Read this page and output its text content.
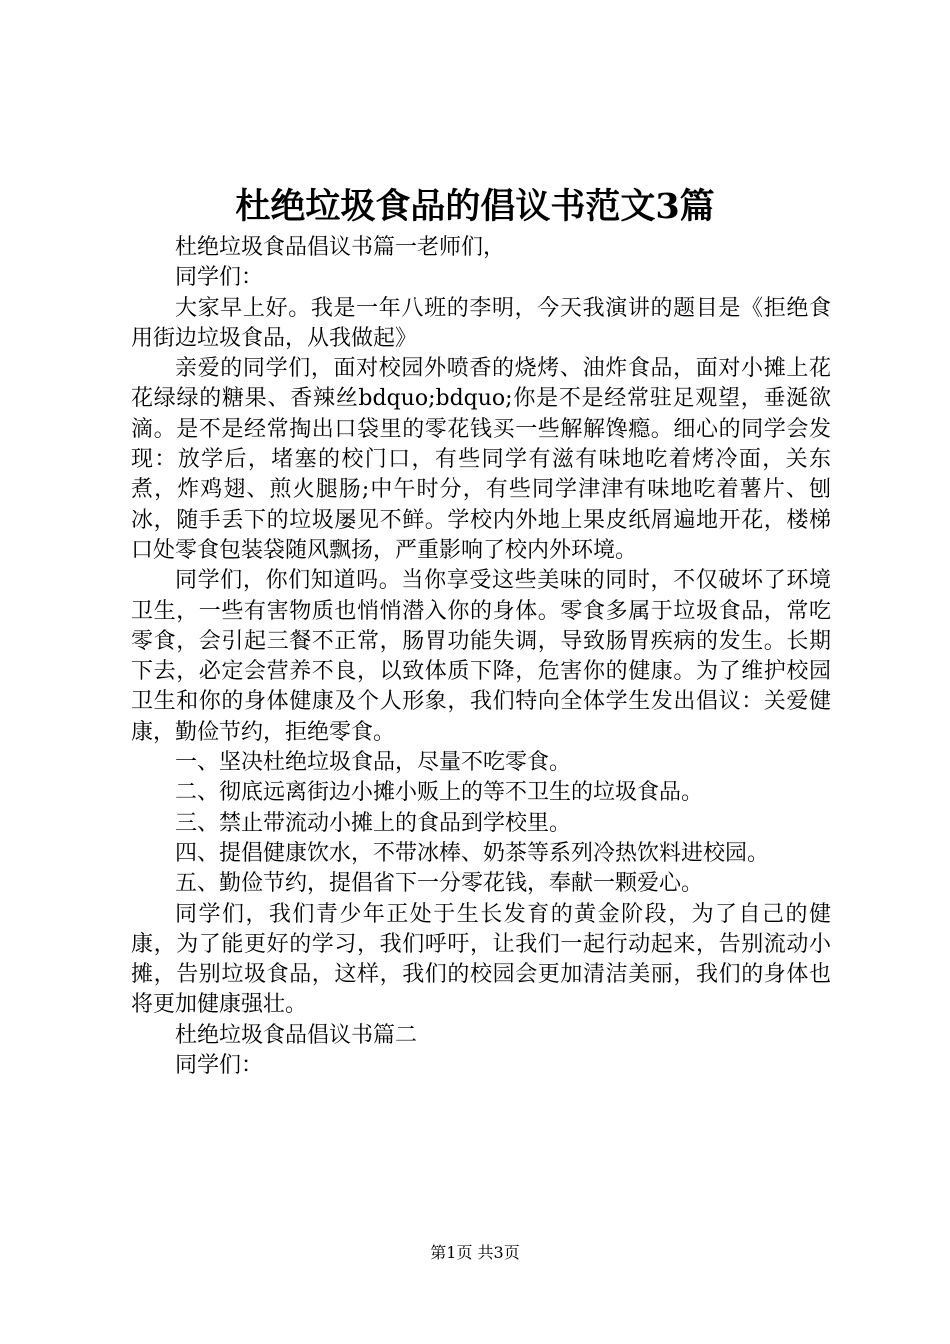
杜绝垃圾食品的倡议书范文3篇

杜绝垃圾食品倡议书篇一老师们，

同学们：

大家早上好。我是一年八班的李明，今天我演讲的题目是《拒绝食用街边垃圾食品，从我做起》

亲爱的同学们，面对校园外喷香的烧烤、油炸食品，面对小摊上花花绿绿的糖果、香辣丝bdquo;bdquo;你是不是经常驻足观望，垂涎欲滴。是不是经常掏出口袋里的零花钱买一些解解馋瘾。细心的同学会发现：放学后，堵塞的校门口，有些同学有滋有味地吃着烤冷面，关东煮，炸鸡翅、煎火腿肠;中午时分，有些同学津津有味地吃着薯片、刨冰，随手丢下的垃圾屡见不鲜。学校内外地上果皮纸屑遍地开花，楼梯口处零食包装袋随风飘扬，严重影响了校内外环境。

同学们，你们知道吗。当你享受这些美味的同时，不仅破坏了环境卫生，一些有害物质也悄悄潜入你的身体。零食多属于垃圾食品，常吃零食，会引起三餐不正常，肠胃功能失调，导致肠胃疾病的发生。长期下去，必定会营养不良，以致体质下降，危害你的健康。为了维护校园卫生和你的身体健康及个人形象，我们特向全体学生发出倡议：关爱健康，勤俭节约，拒绝零食。

一、坚决杜绝垃圾食品，尽量不吃零食。

二、彻底远离街边小摊小贩上的等不卫生的垃圾食品。

三、禁止带流动小摊上的食品到学校里。

四、提倡健康饮水，不带冰棒、奶茶等系列冷热饮料进校园。

五、勤俭节约，提倡省下一分零花钱，奉献一颗爱心。

同学们，我们青少年正处于生长发育的黄金阶段，为了自己的健康，为了能更好的学习，我们呼吁，让我们一起行动起来，告别流动小摊，告别垃圾食品，这样，我们的校园会更加清洁美丽，我们的身体也将更加健康强壮。

杜绝垃圾食品倡议书篇二

同学们：

第1页 共3页
